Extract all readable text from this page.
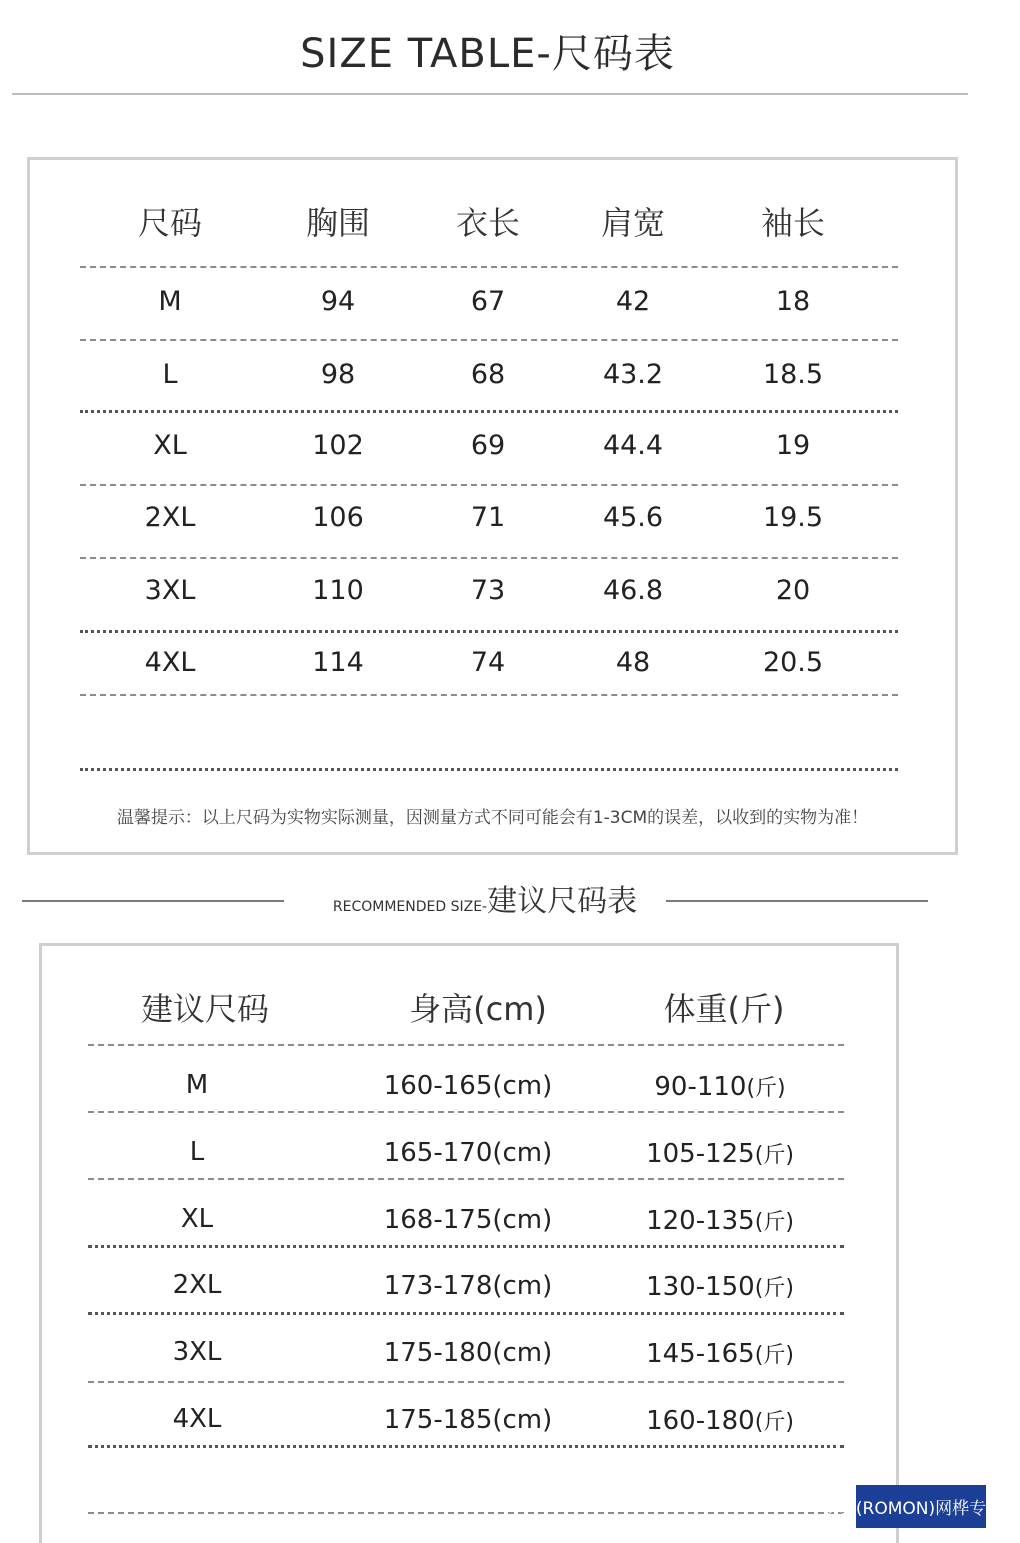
SIZE TABLE-尺码表
尺码	胸围	衣长	肩宽	袖长
M	94	67	42	18
L	98	68	43.2	18.5
XL	102	69	44.4	19
2XL	106	71	45.6	19.5
3XL	110	73	46.8	20
4XL	114	74	48	20.5
温馨提示：以上尺码为实物实际测量，因测量方式不同可能会有1-3CM的误差，以收到的实物为准！
RECOMMENDED SIZE-建议尺码表
建议尺码	身高(cm)	体重(斤)
M	160-165(cm)	90-110(斤)
L	165-170(cm)	105-125(斤)
XL	168-175(cm)	120-135(斤)
2XL	173-178(cm)	130-150(斤)
3XL	175-180(cm)	145-165(斤)
4XL	175-185(cm)	160-180(斤)
罗蒙(ROMON)网桦专卖店
